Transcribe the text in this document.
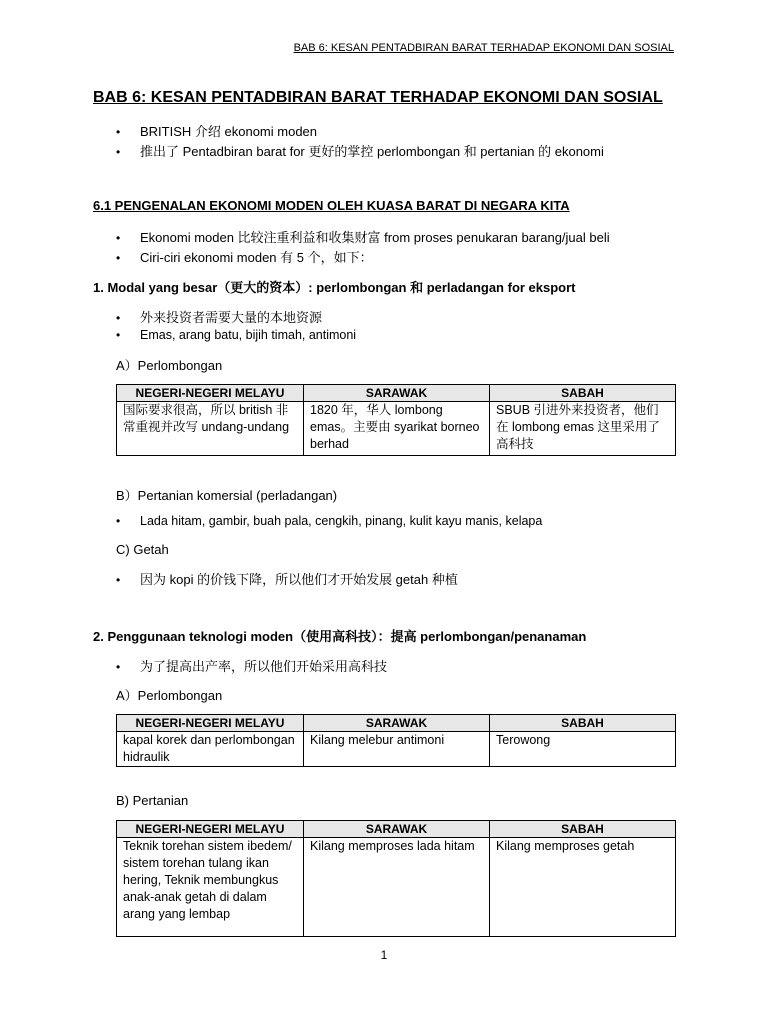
BAB 6: KESAN PENTADBIRAN BARAT TERHADAP EKONOMI DAN SOSIAL
BAB 6: KESAN PENTADBIRAN BARAT TERHADAP EKONOMI DAN SOSIAL
• BRITISH 介绍 ekonomi moden
• 推出了 Pentadbiran barat for 更好的掌控 perlombongan 和 pertanian 的 ekonomi
6.1 PENGENALAN EKONOMI MODEN OLEH KUASA BARAT DI NEGARA KITA
• Ekonomi moden 比较注重利益和收集财富 from proses penukaran barang/jual beli
• Ciri-ciri ekonomi moden 有 5 个，如下：
1. Modal yang besar（更大的资本）: perlombongan 和 perladangan for eksport
• 外来投资者需要大量的本地资源
• Emas, arang batu, bijih timah, antimoni
A）Perlombongan
NEGERI-NEGERI MELAYU	SARAWAK	SABAH
国际要求很高，所以 british 非常重视并改写 undang-undang	1820 年，华人 lombong emas。主要由 syarikat borneo berhad	SBUB 引进外来投资者，他们在 lombong emas 这里采用了高科技
B）Pertanian komersial (perladangan)
• Lada hitam, gambir, buah pala, cengkih, pinang, kulit kayu manis, kelapa
C) Getah
• 因为 kopi 的价钱下降，所以他们才开始发展 getah 种植
2. Penggunaan teknologi moden（使用高科技）：提高 perlombongan/penanaman
• 为了提高出产率，所以他们开始采用高科技
A）Perlombongan
NEGERI-NEGERI MELAYU	SARAWAK	SABAH
kapal korek dan perlombongan hidraulik	Kilang melebur antimoni	Terowong
B) Pertanian
NEGERI-NEGERI MELAYU	SARAWAK	SABAH
Teknik torehan sistem ibedem/ sistem torehan tulang ikan hering, Teknik membungkus anak-anak getah di dalam arang yang lembap	Kilang memproses lada hitam	Kilang memproses getah
1
